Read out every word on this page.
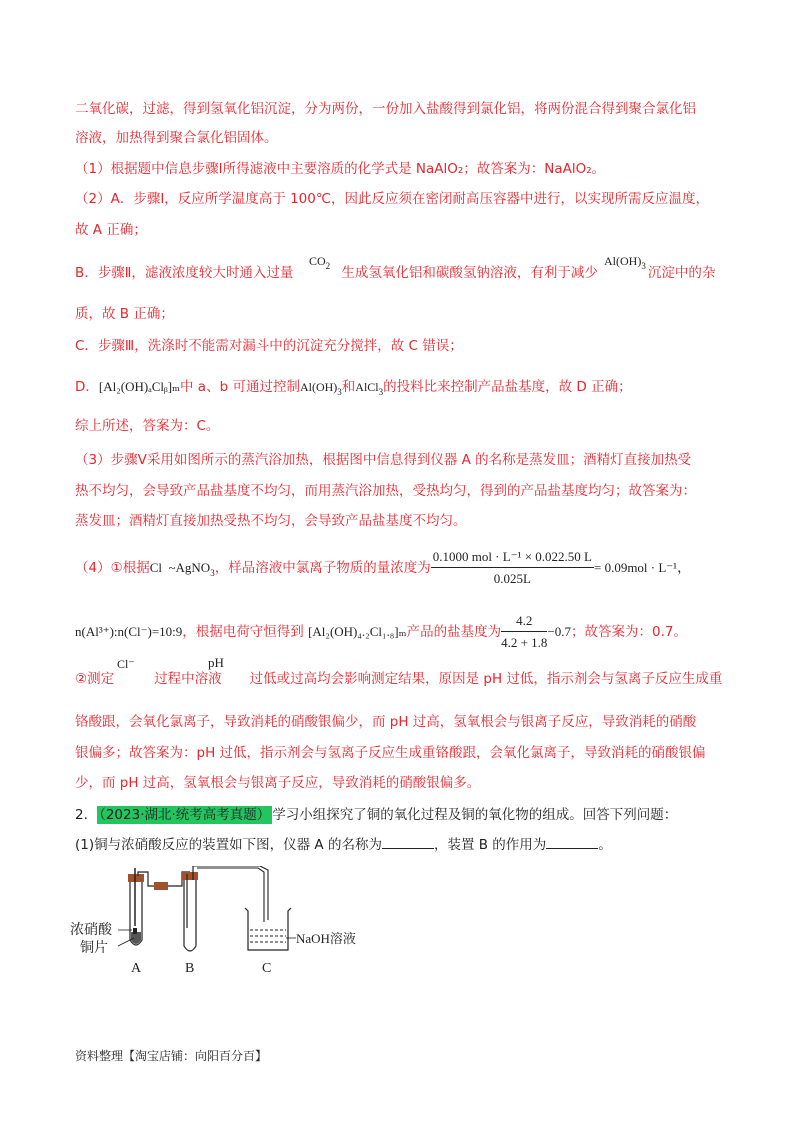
二氧化碳，过滤，得到氢氧化铝沉淀，分为两份，一份加入盐酸得到氯化铝，将两份混合得到聚合氯化铝
溶液，加热得到聚合氯化铝固体。
（1）根据题中信息步骤Ⅰ所得滤液中主要溶质的化学式是 NaAlO₂；故答案为：NaAlO₂。
（2）A．步骤Ⅰ，反应所学温度高于 100℃，因此反应须在密闭耐高压容器中进行，以实现所需反应温度，
故 A 正确；
B．步骤Ⅱ，滤液浓度较大时通入过量	生成氢氧化铝和碳酸氢钠溶液，有利于减少	沉淀中的杂
$CO_2$	$Al(OH)_3$
质，故 B 正确；
C．步骤Ⅲ，洗涤时不能需对漏斗中的沉淀充分搅拌，故 C 错误；
D．[Al₂(OH)ₐClᵦ]ₘ中 a、b 可通过控制$Al(OH)_3$和AlCl$_3$的投料比来控制产品盐基度，故 D 正确；
综上所述，答案为：C。
（3）步骤Ⅴ采用如图所示的蒸汽浴加热，根据图中信息得到仪器 A 的名称是蒸发皿；酒精灯直接加热受
热不均匀，会导致产品盐基度不均匀，而用蒸汽浴加热，受热均匀，得到的产品盐基度均匀；故答案为：
蒸发皿；酒精灯直接加热受热不均匀，会导致产品盐基度不均匀。
（4）①根据Cl ~AgNO$_3$，样品溶液中氯离子物质的量浓度为 $\frac{\text{0.1000 mol · L⁻¹ × 0.022.50 L}}{0.025L} = 0.09mol \cdot L^{-1}$，
n(Al³⁺):n(Cl⁻)=10:9，根据电荷守恒得到 [Al₂(OH)₄.₂Cl₁.₈]ₘ产品的盐基度为 $\frac{4.2}{4.2 + 1.8} -0.7$；故答案为：0.7。
②测定	过程中溶液 过低或过高均会影响测定结果，原因是 pH 过低，指示剂会与氢离子反应生成重
Cl⁻	pH
铬酸跟，会氧化氯离子，导致消耗的硝酸银偏少，而 pH 过高，氢氧根会与银离子反应，导致消耗的硝酸
银偏多；故答案为：pH 过低，指示剂会与氢离子反应生成重铬酸跟，会氧化氯离子，导致消耗的硝酸银偏
少，而 pH 过高，氢氧根会与银离子反应，导致消耗的硝酸银偏多。
2． （2023·湖北·统考高考真题） 学习小组探究了铜的氧化过程及铜的氧化物的组成。回答下列问题：
(1)铜与浓硝酸反应的装置如下图，仪器 A 的名称为	，装置 B 的作用为	。
浓硝酸
铜片
NaOH溶液
A	B	C
资料整理【淘宝店铺：向阳百分百】
